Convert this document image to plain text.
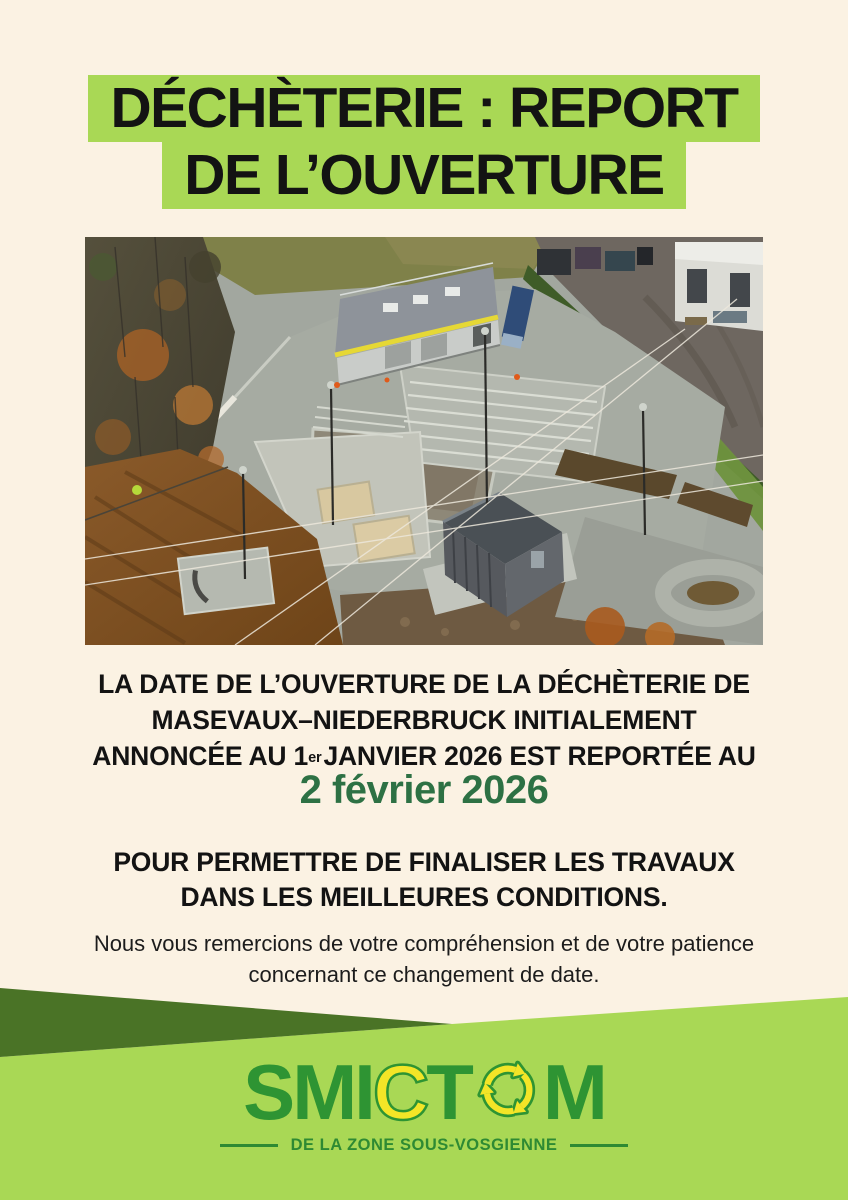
DÉCHÈTERIE : REPORT
DE L’OUVERTURE
LA DATE DE L’OUVERTURE DE LA DÉCHÈTERIE DE
MASEVAUX–NIEDERBRUCK INITIALEMENT
ANNONCÉE AU 1erJANVIER 2026 EST REPORTÉE AU
2 février 2026
POUR PERMETTRE DE FINALISER LES TRAVAUX
DANS LES MEILLEURES CONDITIONS.
Nous vous remercions de votre compréhension et de votre patience
concernant ce changement de date.
SMI C T M
DE LA ZONE SOUS-VOSGIENNE
